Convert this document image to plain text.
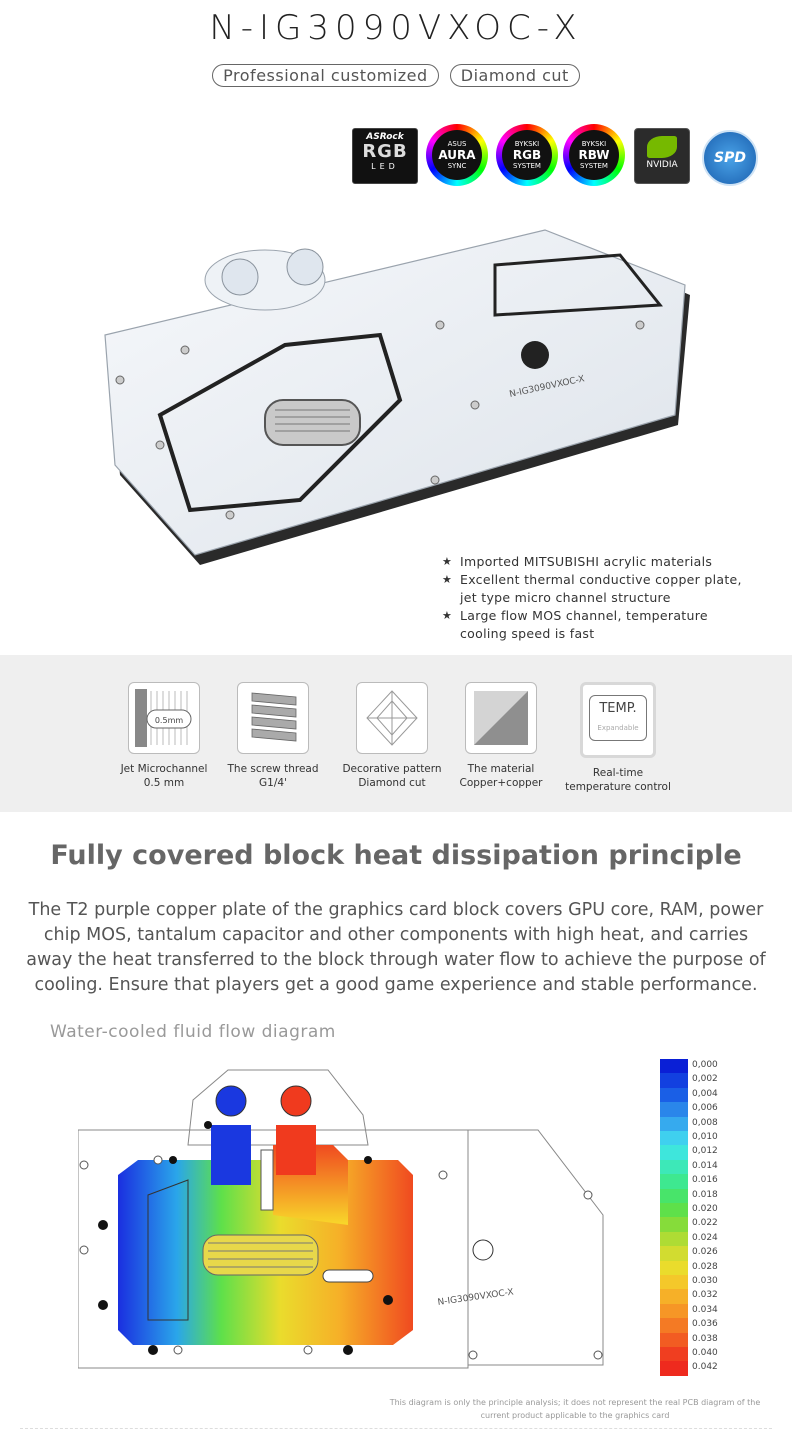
N-IG3090VXOC-X
Professional customized Diamond cut
ASRock
RGB
LED
ASUS
AURA
SYNC
BYKSKI
RGB
SYSTEM
BYKSKI
RBW
SYSTEM	NVIDIA	SPD
N-IG3090VXOC-X
★ Imported MITSUBISHI acrylic materials
★ Excellent thermal conductive copper plate, jet type micro channel structure
★ Large flow MOS channel, temperature cooling speed is fast
0.5mm
Jet Microchannel
0.5 mm
The screw thread
G1/4'
Decorative pattern
Diamond cut
The material
Copper+copper
TEMP.
Expandable
Real-time
temperature control
Fully covered block heat dissipation principle
The T2 purple copper plate of the graphics card block covers GPU core, RAM, power chip MOS, tantalum capacitor and other components with high heat, and carries away the heat transferred to the block through water flow to achieve the purpose of cooling. Ensure that players get a good game experience and stable performance.
Water-cooled fluid flow diagram
N-IG3090VXOC-X
0,000
0,002
0,004
0,006
0,008
0,010
0,012
0.014
0.016
0.018
0.020
0.022
0.024
0.026
0.028
0.030
0.032
0.034
0.036
0.038
0.040
0.042
This diagram is only the principle analysis; it does not represent the real PCB diagram of the current product applicable to the graphics card
